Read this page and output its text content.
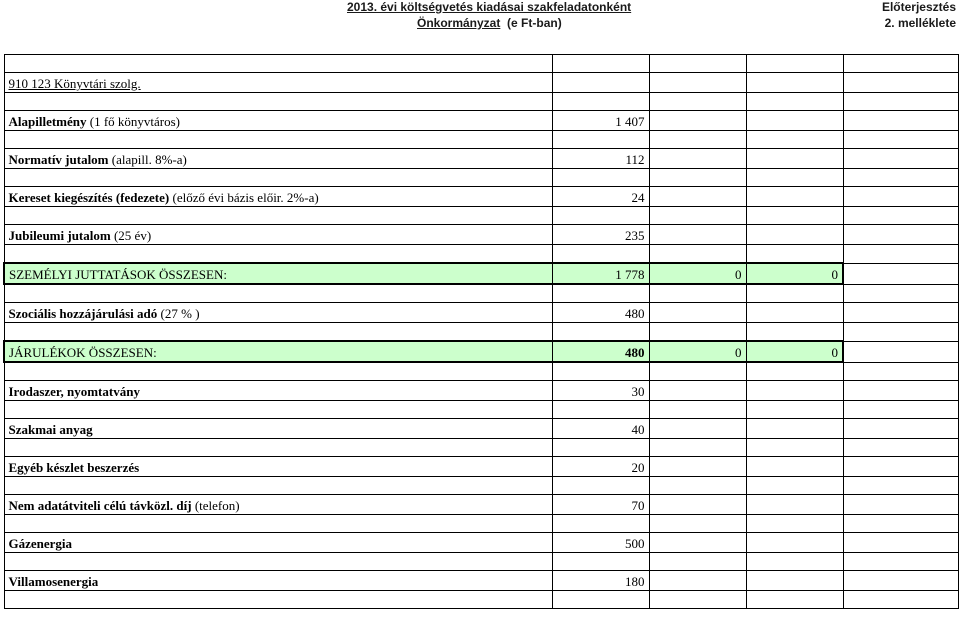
2013. évi költségvetés kiadásai szakfeladatonként
Önkormányzat (e Ft-ban)
Előterjesztés
2. melléklete

910 123 Könyvtári szolg.				

Alapilletmény (1 fő könyvtáros)	1 407			

Normatív jutalom (alapill. 8%-a)	112			

Kereset kiegészítés (fedezete) (előző évi bázis előir. 2%-a)	24			

Jubileumi jutalom (25 év)	235			

SZEMÉLYI JUTTATÁSOK ÖSSZESEN:	1 778	0	0	

Szociális hozzájárulási adó (27 % )	480			

JÁRULÉKOK ÖSSZESEN:	480	0	0	

Irodaszer, nyomtatvány	30			

Szakmai anyag	40			

Egyéb készlet beszerzés	20			

Nem adatátviteli célú távközl. díj (telefon)	70			

Gázenergia	500			

Villamosenergia	180			
